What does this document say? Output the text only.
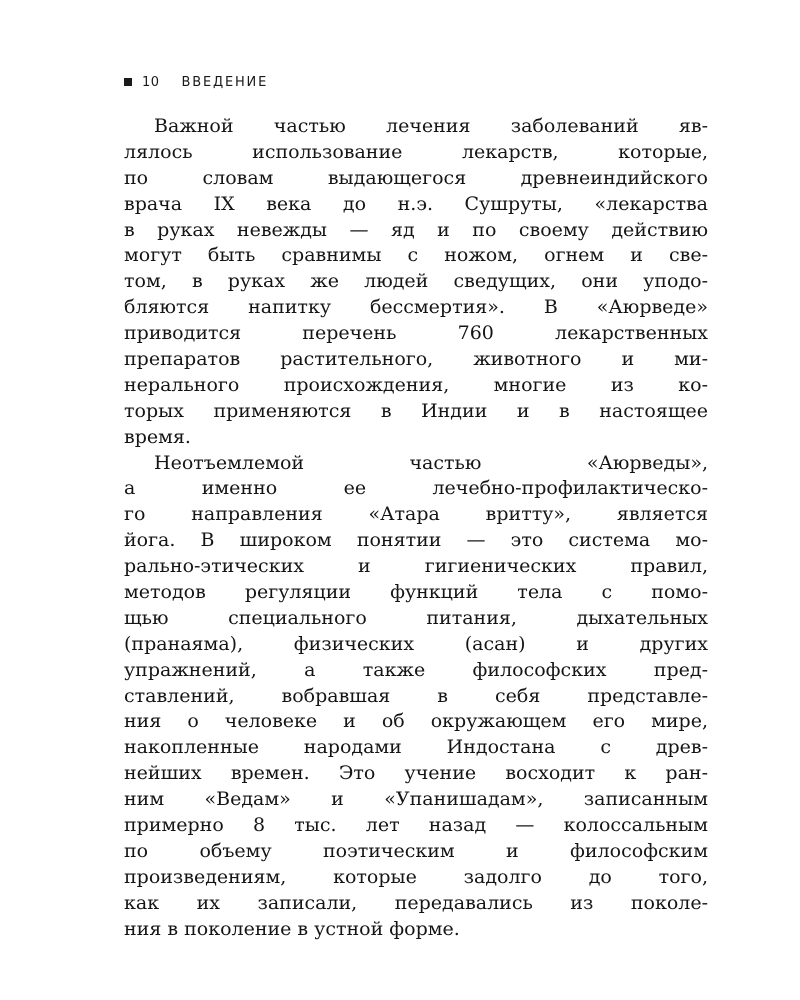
10 ВВЕДЕНИЕ
Важной частью лечения заболеваний яв-
лялось использование лекарств, которые,
по словам выдающегося древнеиндийского
врача IX века до н.э. Сушруты, «лекарства
в руках невежды — яд и по своему действию
могут быть сравнимы с ножом, огнем и све-
том, в руках же людей сведущих, они уподо-
бляются напитку бессмертия». В «Аюрведе»
приводится перечень 760 лекарственных
препаратов растительного, животного и ми-
нерального происхождения, многие из ко-
торых применяются в Индии и в настоящее
время.
Неотъемлемой частью «Аюрведы»,
а именно ее лечебно-профилактическо-
го направления «Атара вритту», является
йога. В широком понятии — это система мо-
рально-этических и гигиенических правил,
методов регуляции функций тела с помо-
щью специального питания, дыхательных
(пранаяма), физических (асан) и других
упражнений, а также философских пред-
ставлений, вобравшая в себя представле-
ния о человеке и об окружающем его мире,
накопленные народами Индостана с древ-
нейших времен. Это учение восходит к ран-
ним «Ведам» и «Упанишадам», записанным
примерно 8 тыс. лет назад — колоссальным
по объему поэтическим и философским
произведениям, которые задолго до того,
как их записали, передавались из поколе-
ния в поколение в устной форме.
